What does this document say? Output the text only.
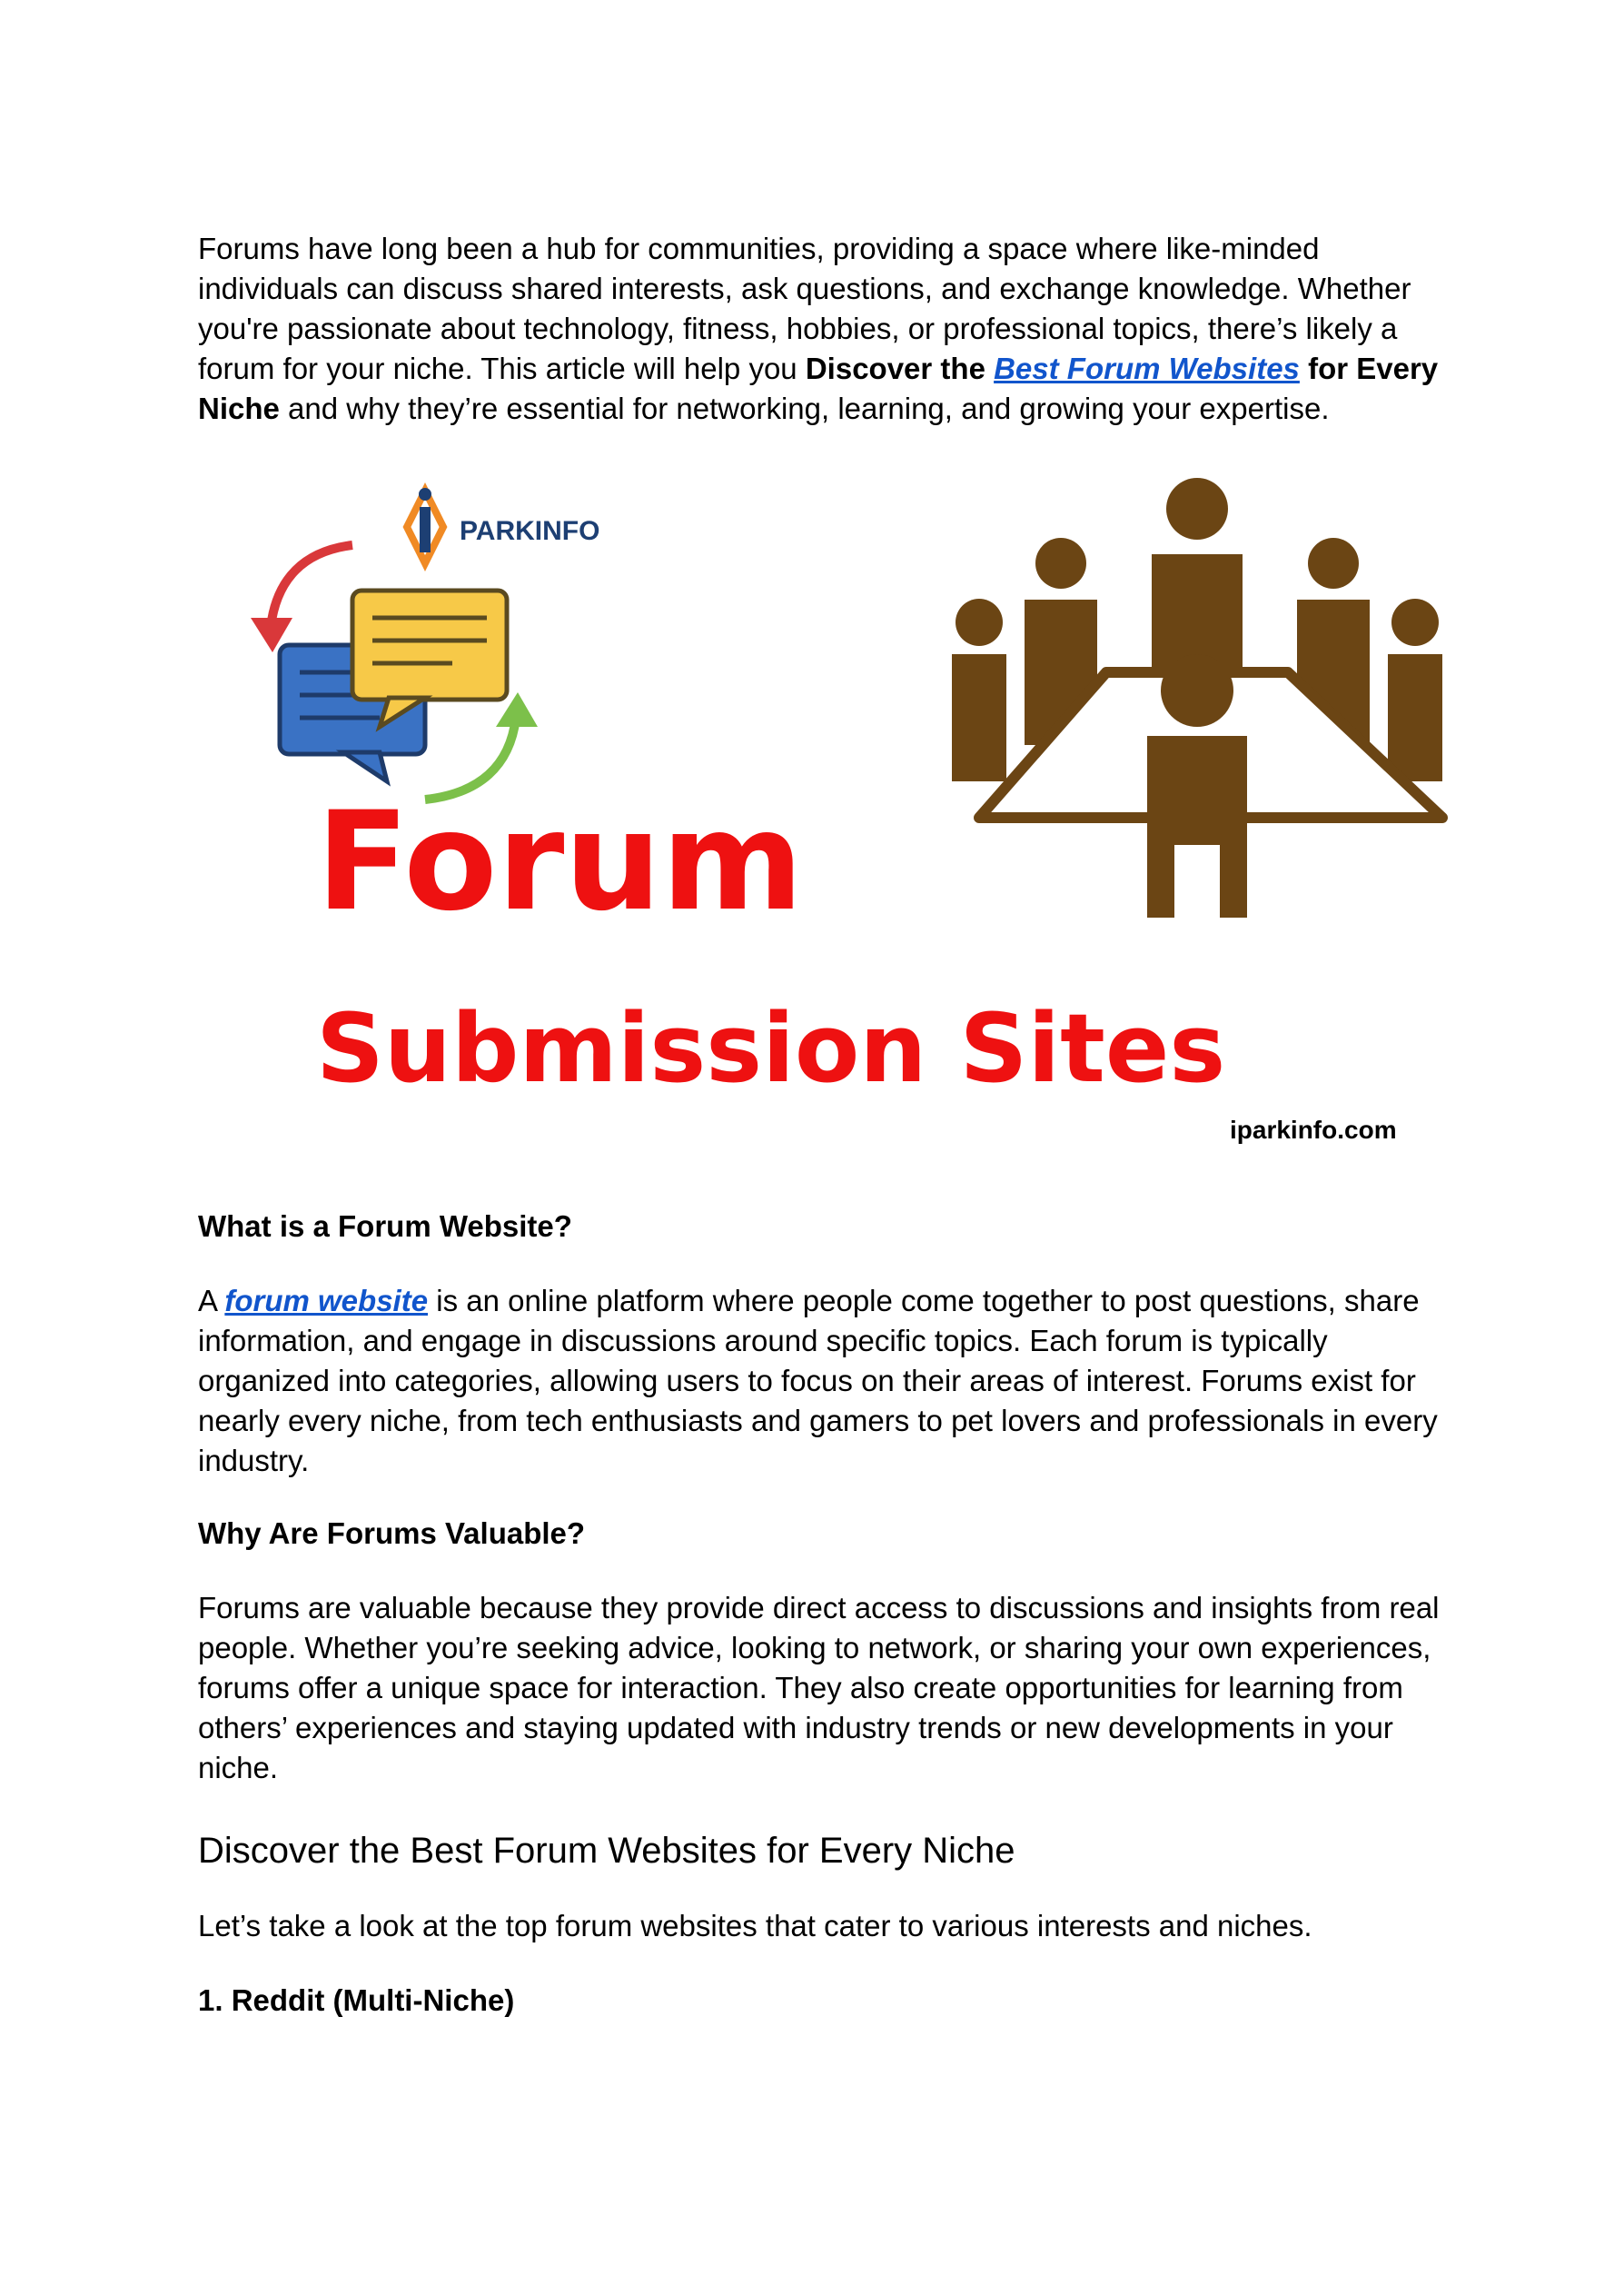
Forums have long been a hub for communities, providing a space where like-minded individuals can discuss shared interests, ask questions, and exchange knowledge. Whether you're passionate about technology, fitness, hobbies, or professional topics, there’s likely a forum for your niche. This article will help you Discover the Best Forum Websites for Every Niche and why they’re essential for networking, learning, and growing your expertise.

PARKINFO
Forum
Submission Sites

iparkinfo.com

What is a Forum Website?

A forum website is an online platform where people come together to post questions, share information, and engage in discussions around specific topics. Each forum is typically organized into categories, allowing users to focus on their areas of interest. Forums exist for nearly every niche, from tech enthusiasts and gamers to pet lovers and professionals in every industry.

Why Are Forums Valuable?

Forums are valuable because they provide direct access to discussions and insights from real people. Whether you’re seeking advice, looking to network, or sharing your own experiences, forums offer a unique space for interaction. They also create opportunities for learning from others’ experiences and staying updated with industry trends or new developments in your niche.

Discover the Best Forum Websites for Every Niche

Let’s take a look at the top forum websites that cater to various interests and niches.

1. Reddit (Multi-Niche)
